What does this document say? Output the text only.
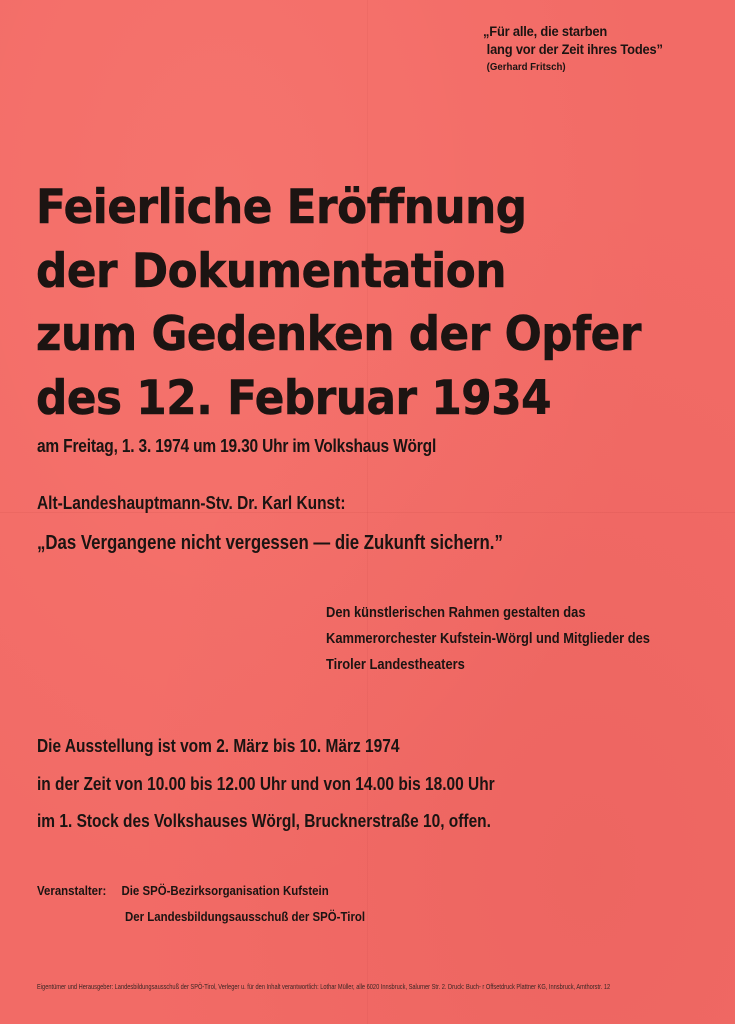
„Für alle, die starben
lang vor der Zeit ihres Todes”
(Gerhard Fritsch)
Feierliche Eröffnung
der Dokumentation
zum Gedenken der Opfer
des 12. Februar 1934
am Freitag, 1. 3. 1974 um 19.30 Uhr im Volkshaus Wörgl
Alt-Landeshauptmann-Stv. Dr. Karl Kunst:
„Das Vergangene nicht vergessen — die Zukunft sichern.”
Den künstlerischen Rahmen gestalten das
Kammerorchester Kufstein-Wörgl und Mitglieder des
Tiroler Landestheaters
Die Ausstellung ist vom 2. März bis 10. März 1974
in der Zeit von 10.00 bis 12.00 Uhr und von 14.00 bis 18.00 Uhr
im 1. Stock des Volkshauses Wörgl, Brucknerstraße 10, offen.
Veranstalter: Die SPÖ-Bezirksorganisation Kufstein
Der Landesbildungsausschuß der SPÖ-Tirol
Eigentümer und Herausgeber: Landesbildungsausschuß der SPÖ-Tirol, Verleger u. für den Inhalt verantwortlich: Lothar Müller, alle 6020 Innsbruck, Salurner Str. 2. Druck: Buch- r Offsetdruck Plattner KG, Innsbruck, Amthorstr. 12
